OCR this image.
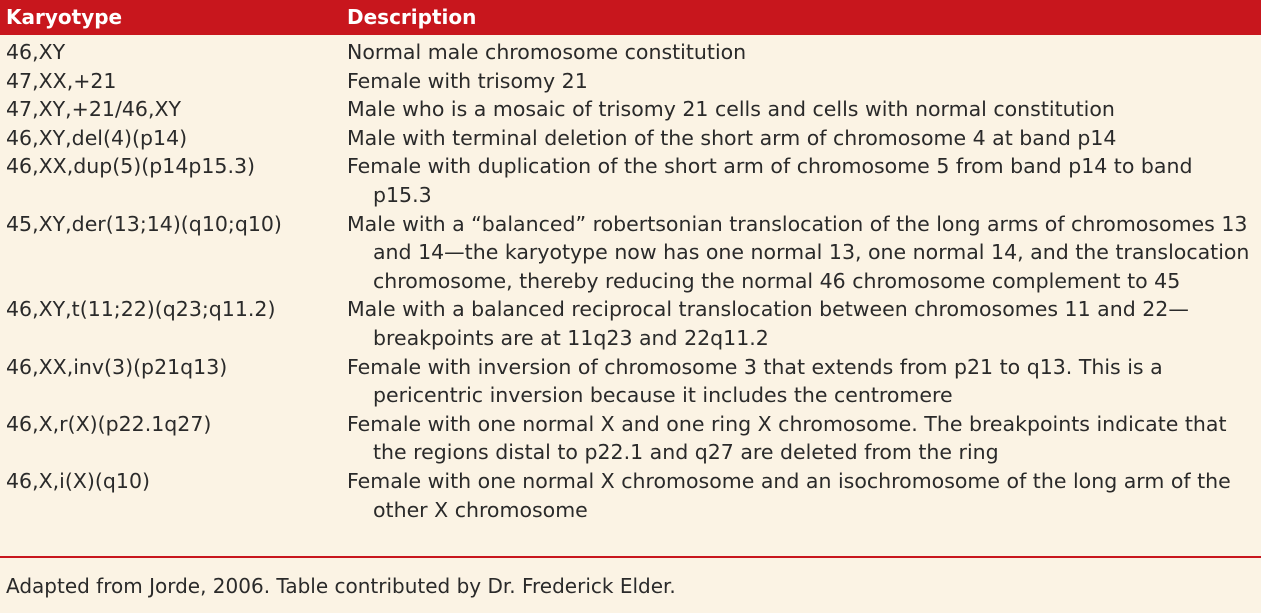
Karyotype	Description
46,XY	Normal male chromosome constitution
47,XX,+21	Female with trisomy 21
47,XY,+21/46,XY	Male who is a mosaic of trisomy 21 cells and cells with normal constitution
46,XY,del(4)(p14)	Male with terminal deletion of the short arm of chromosome 4 at band p14
46,XX,dup(5)(p14p15.3)	Female with duplication of the short arm of chromosome 5 from band p14 to band p15.3
45,XY,der(13;14)(q10;q10)	Male with a “balanced” robertsonian translocation of the long arms of chromosomes 13 and 14—the karyotype now has one normal 13, one normal 14, and the translocation chromosome, thereby reducing the normal 46 chromosome complement to 45
46,XY,t(11;22)(q23;q11.2)	Male with a balanced reciprocal translocation between chromosomes 11 and 22—breakpoints are at 11q23 and 22q11.2
46,XX,inv(3)(p21q13)	Female with inversion of chromosome 3 that extends from p21 to q13. This is a pericentric inversion because it includes the centromere
46,X,r(X)(p22.1q27)	Female with one normal X and one ring X chromosome. The breakpoints indicate that the regions distal to p22.1 and q27 are deleted from the ring
46,X,i(X)(q10)	Female with one normal X chromosome and an isochromosome of the long arm of the other X chromosome
Adapted from Jorde, 2006. Table contributed by Dr. Frederick Elder.
